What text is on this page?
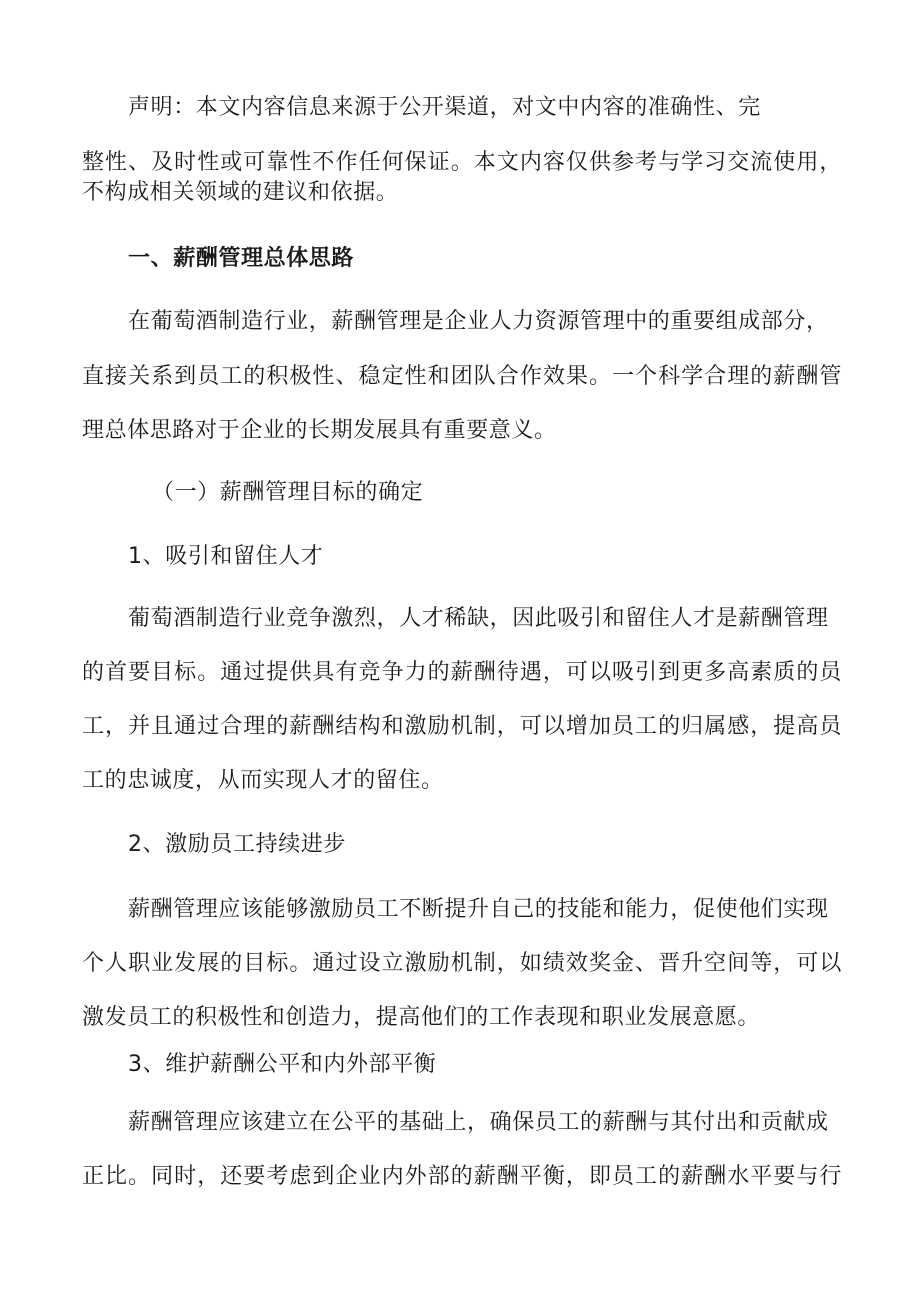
声明：本文内容信息来源于公开渠道，对文中内容的准确性、完
整性、及时性或可靠性不作任何保证。本文内容仅供参考与学习交流使用，
不构成相关领域的建议和依据。
一、薪酬管理总体思路
在葡萄酒制造行业，薪酬管理是企业人力资源管理中的重要组成部分，
直接关系到员工的积极性、稳定性和团队合作效果。一个科学合理的薪酬管
理总体思路对于企业的长期发展具有重要意义。
（一）薪酬管理目标的确定
1、吸引和留住人才
葡萄酒制造行业竞争激烈，人才稀缺，因此吸引和留住人才是薪酬管理
的首要目标。通过提供具有竞争力的薪酬待遇，可以吸引到更多高素质的员
工，并且通过合理的薪酬结构和激励机制，可以增加员工的归属感，提高员
工的忠诚度，从而实现人才的留住。
2、激励员工持续进步
薪酬管理应该能够激励员工不断提升自己的技能和能力，促使他们实现
个人职业发展的目标。通过设立激励机制，如绩效奖金、晋升空间等，可以
激发员工的积极性和创造力，提高他们的工作表现和职业发展意愿。
3、维护薪酬公平和内外部平衡
薪酬管理应该建立在公平的基础上，确保员工的薪酬与其付出和贡献成
正比。同时，还要考虑到企业内外部的薪酬平衡，即员工的薪酬水平要与行
